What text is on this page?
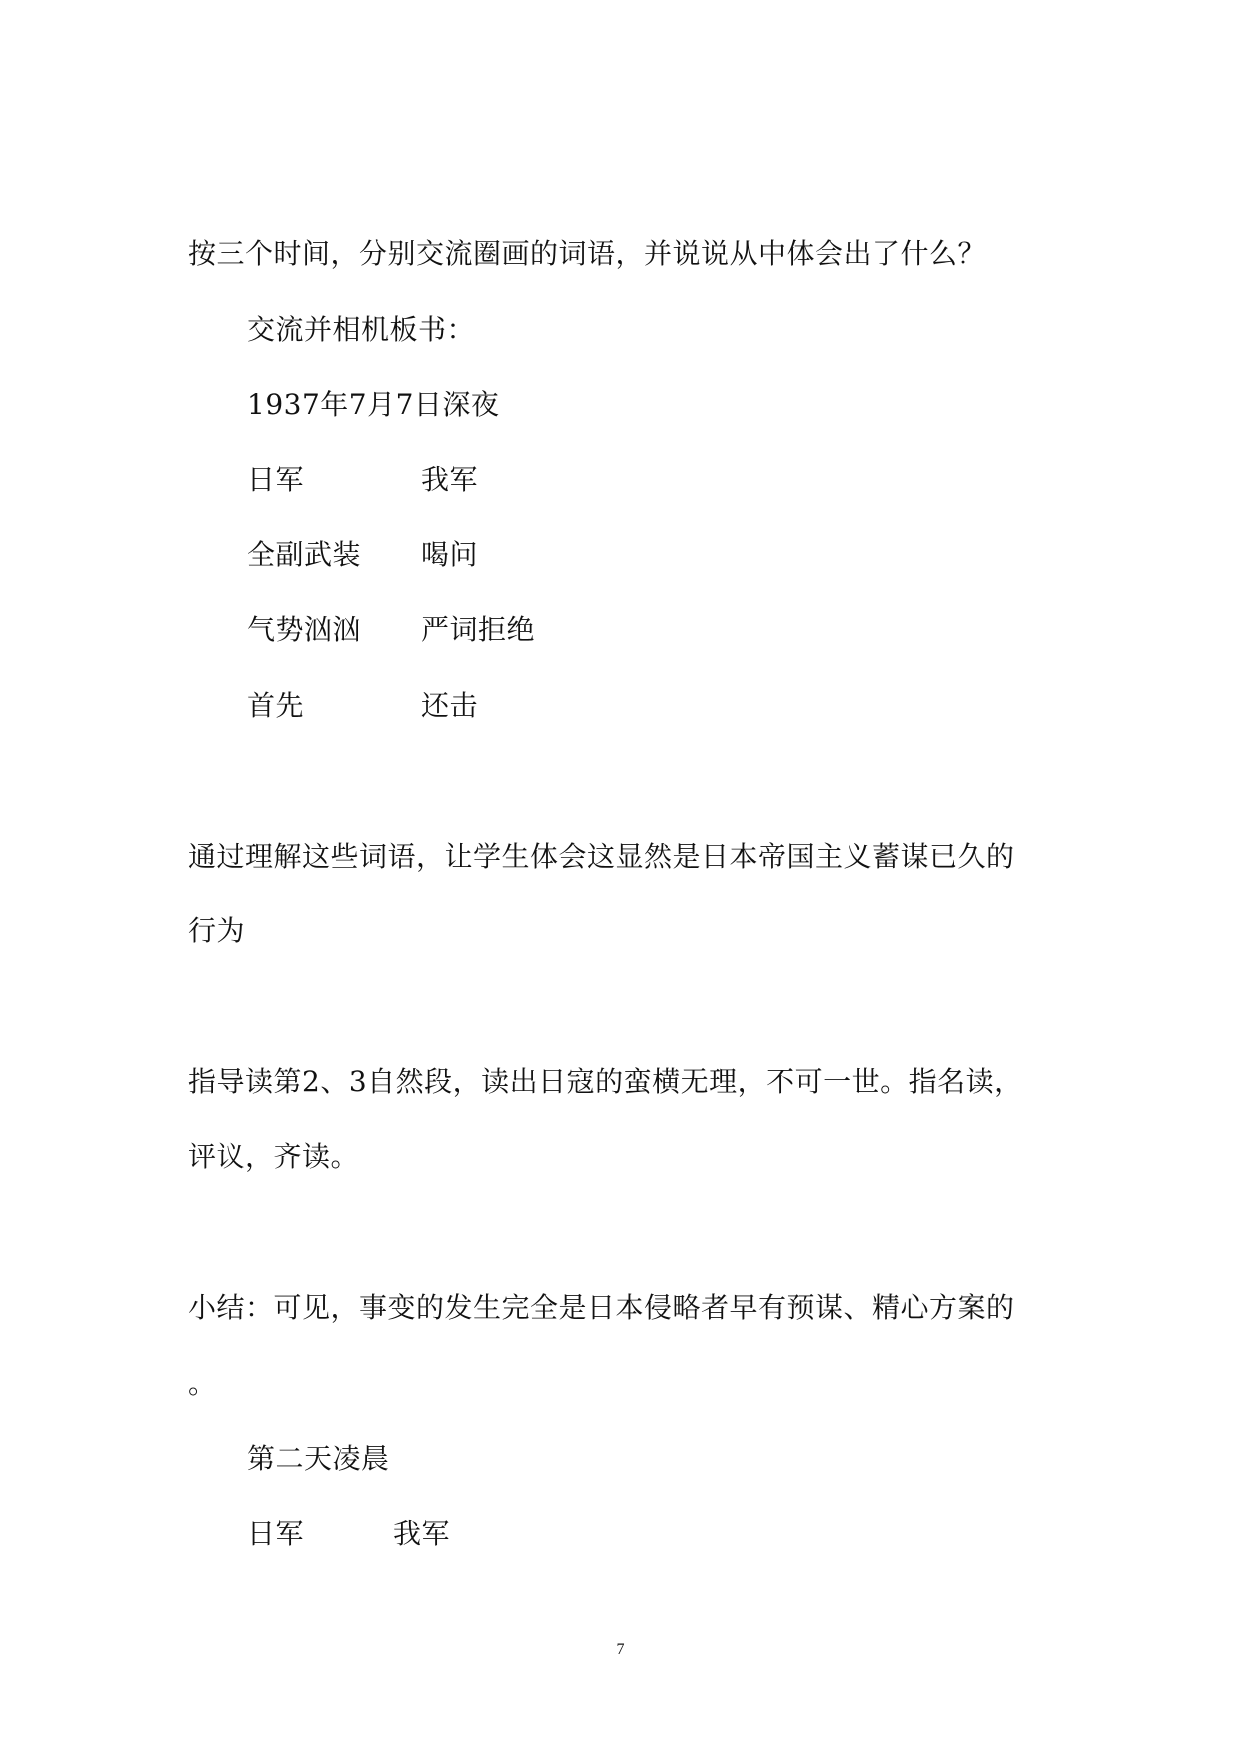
按三个时间，分别交流圈画的词语，并说说从中体会出了什么？
交流并相机板书：
1937年7月7日深夜
日军	我军
全副武装 喝问
气势汹汹 严词拒绝
首先	还击
通过理解这些词语，让学生体会这显然是日本帝国主义蓄谋已久的
行为
指导读第2、3自然段，读出日寇的蛮横无理，不可一世。指名读，
评议，齐读。
小结：可见，事变的发生完全是日本侵略者早有预谋、精心方案的
。
第二天凌晨
日军	我军
7
